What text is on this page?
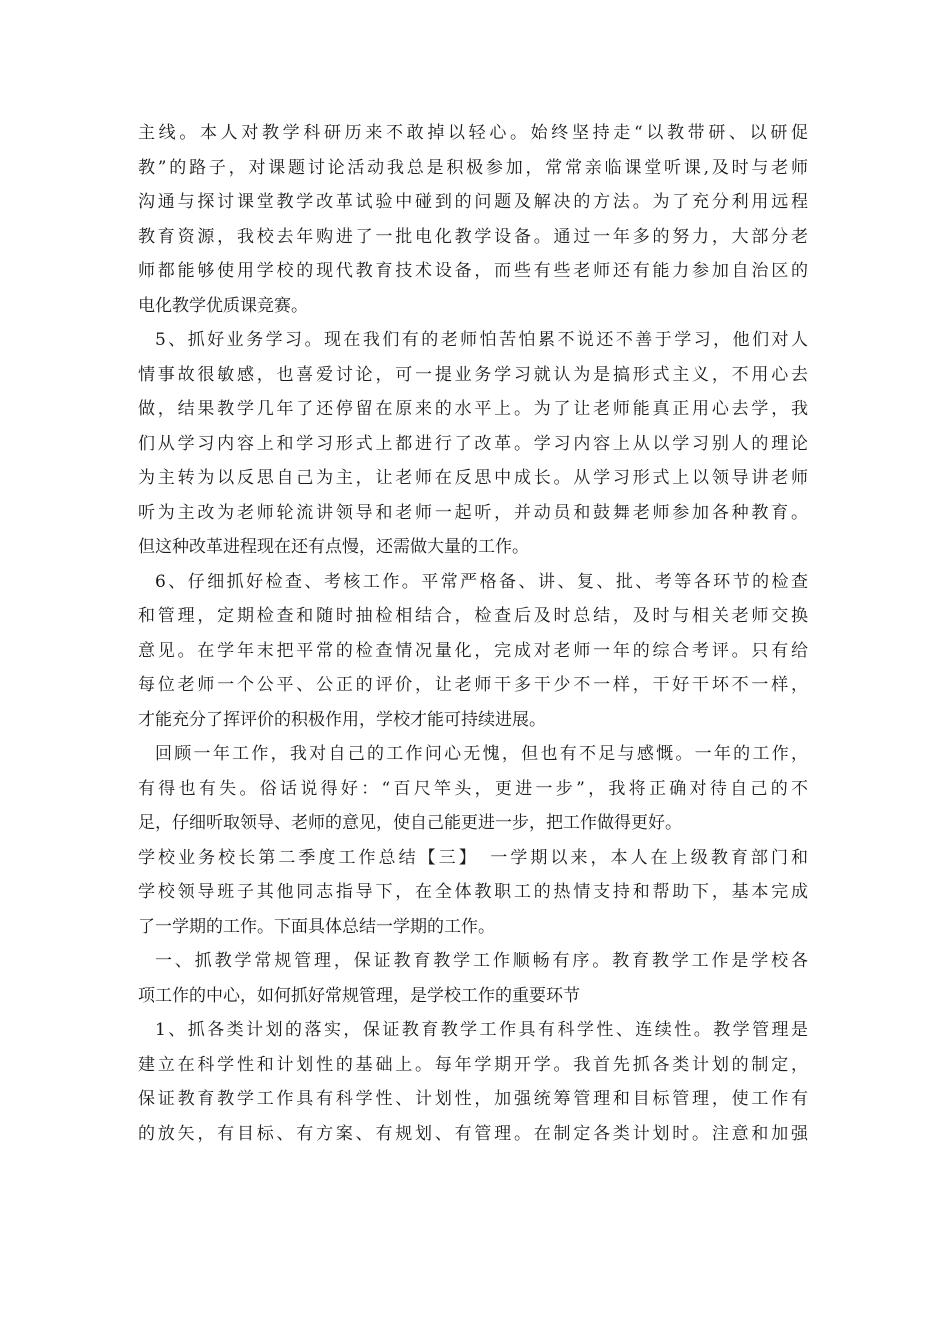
主线。本人对教学科研历来不敢掉以轻心。始终坚持走“以教带研、以研促
教”的路子，对课题讨论活动我总是积极参加，常常亲临课堂听课,及时与老师
沟通与探讨课堂教学改革试验中碰到的问题及解决的方法。为了充分利用远程
教育资源，我校去年购进了一批电化教学设备。通过一年多的努力，大部分老
师都能够使用学校的现代教育技术设备，而些有些老师还有能力参加自治区的
电化教学优质课竞赛。
5、抓好业务学习。现在我们有的老师怕苦怕累不说还不善于学习，他们对人
情事故很敏感，也喜爱讨论，可一提业务学习就认为是搞形式主义，不用心去
做，结果教学几年了还停留在原来的水平上。为了让老师能真正用心去学，我
们从学习内容上和学习形式上都进行了改革。学习内容上从以学习别人的理论
为主转为以反思自己为主，让老师在反思中成长。从学习形式上以领导讲老师
听为主改为老师轮流讲领导和老师一起听，并动员和鼓舞老师参加各种教育。
但这种改革进程现在还有点慢，还需做大量的工作。
6、仔细抓好检查、考核工作。平常严格备、讲、复、批、考等各环节的检查
和管理，定期检查和随时抽检相结合，检查后及时总结，及时与相关老师交换
意见。在学年末把平常的检查情况量化，完成对老师一年的综合考评。只有给
每位老师一个公平、公正的评价，让老师干多干少不一样，干好干坏不一样，
才能充分了挥评价的积极作用，学校才能可持续进展。
回顾一年工作，我对自己的工作问心无愧，但也有不足与感慨。一年的工作，
有得也有失。俗话说得好：“百尺竿头，更进一步”，我将正确对待自己的不
足，仔细听取领导、老师的意见，使自己能更进一步，把工作做得更好。
学校业务校长第二季度工作总结【三】　一学期以来，本人在上级教育部门和
学校领导班子其他同志指导下，在全体教职工的热情支持和帮助下，基本完成
了一学期的工作。下面具体总结一学期的工作。
一、抓教学常规管理，保证教育教学工作顺畅有序。教育教学工作是学校各
项工作的中心，如何抓好常规管理，是学校工作的重要环节
1、抓各类计划的落实，保证教育教学工作具有科学性、连续性。教学管理是
建立在科学性和计划性的基础上。每年学期开学。我首先抓各类计划的制定，
保证教育教学工作具有科学性、计划性，加强统筹管理和目标管理，使工作有
的放矢，有目标、有方案、有规划、有管理。在制定各类计划时。注意和加强
